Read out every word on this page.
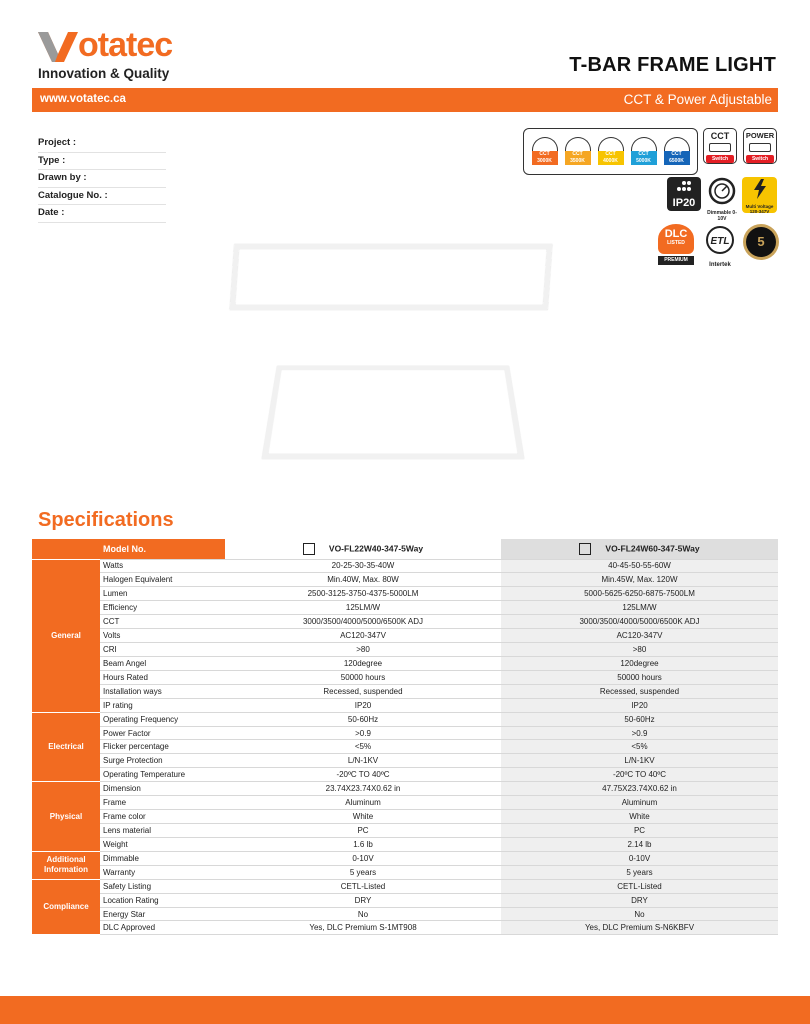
otatec
Innovation & Quality	T-BAR FRAME LIGHT
www.votatec.ca	CCT & Power Adjustable
Project :
Type :
Drawn by :
Catalogue No. :
Date :
CCT
3000K
CCT
3500K
CCT
4000K
CCT
5000K
CCT
6500K
CCT
Switch
POWER
Switch
IP20
Dimmable 0-10V
Multi Voltage 120-347V
DLC
LISTED
PREMIUM
ETL
Intertek
5
Specifications
	Model No.	VO-FL22W40-347-5Way	VO-FL24W60-347-5Way
General	Watts	20-25-30-35-40W	40-45-50-55-60W
	Halogen Equivalent	Min.40W, Max. 80W	Min.45W, Max. 120W
	Lumen	2500-3125-3750-4375-5000LM	5000-5625-6250-6875-7500LM
	Efficiency	125LM/W	125LM/W
	CCT	3000/3500/4000/5000/6500K ADJ	3000/3500/4000/5000/6500K ADJ
	Volts	AC120-347V	AC120-347V
	CRI	>80	>80
	Beam Angel	120degree	120degree
	Hours Rated	50000 hours	50000 hours
	Installation ways	Recessed, suspended	Recessed, suspended
	IP rating	IP20	IP20
Electrical	Operating Frequency	50-60Hz	50-60Hz
	Power Factor	>0.9	>0.9
	Flicker percentage	<5%	<5%
	Surge Protection	L/N-1KV	L/N-1KV
	Operating Temperature	-20ºC TO 40ºC	-20ºC TO 40ºC
Physical	Dimension	23.74X23.74X0.62 in	47.75X23.74X0.62 in
	Frame	Aluminum	Aluminum
	Frame color	White	White
	Lens material	PC	PC
	Weight	1.6 lb	2.14 lb
Additional Information	Dimmable	0-10V	0-10V
	Warranty	5 years	5 years
Compliance	Safety Listing	CETL-Listed	CETL-Listed
	Location Rating	DRY	DRY
	Energy Star	No	No
	DLC Approved	Yes, DLC Premium S-1MT908	Yes, DLC Premium S-N6KBFV
